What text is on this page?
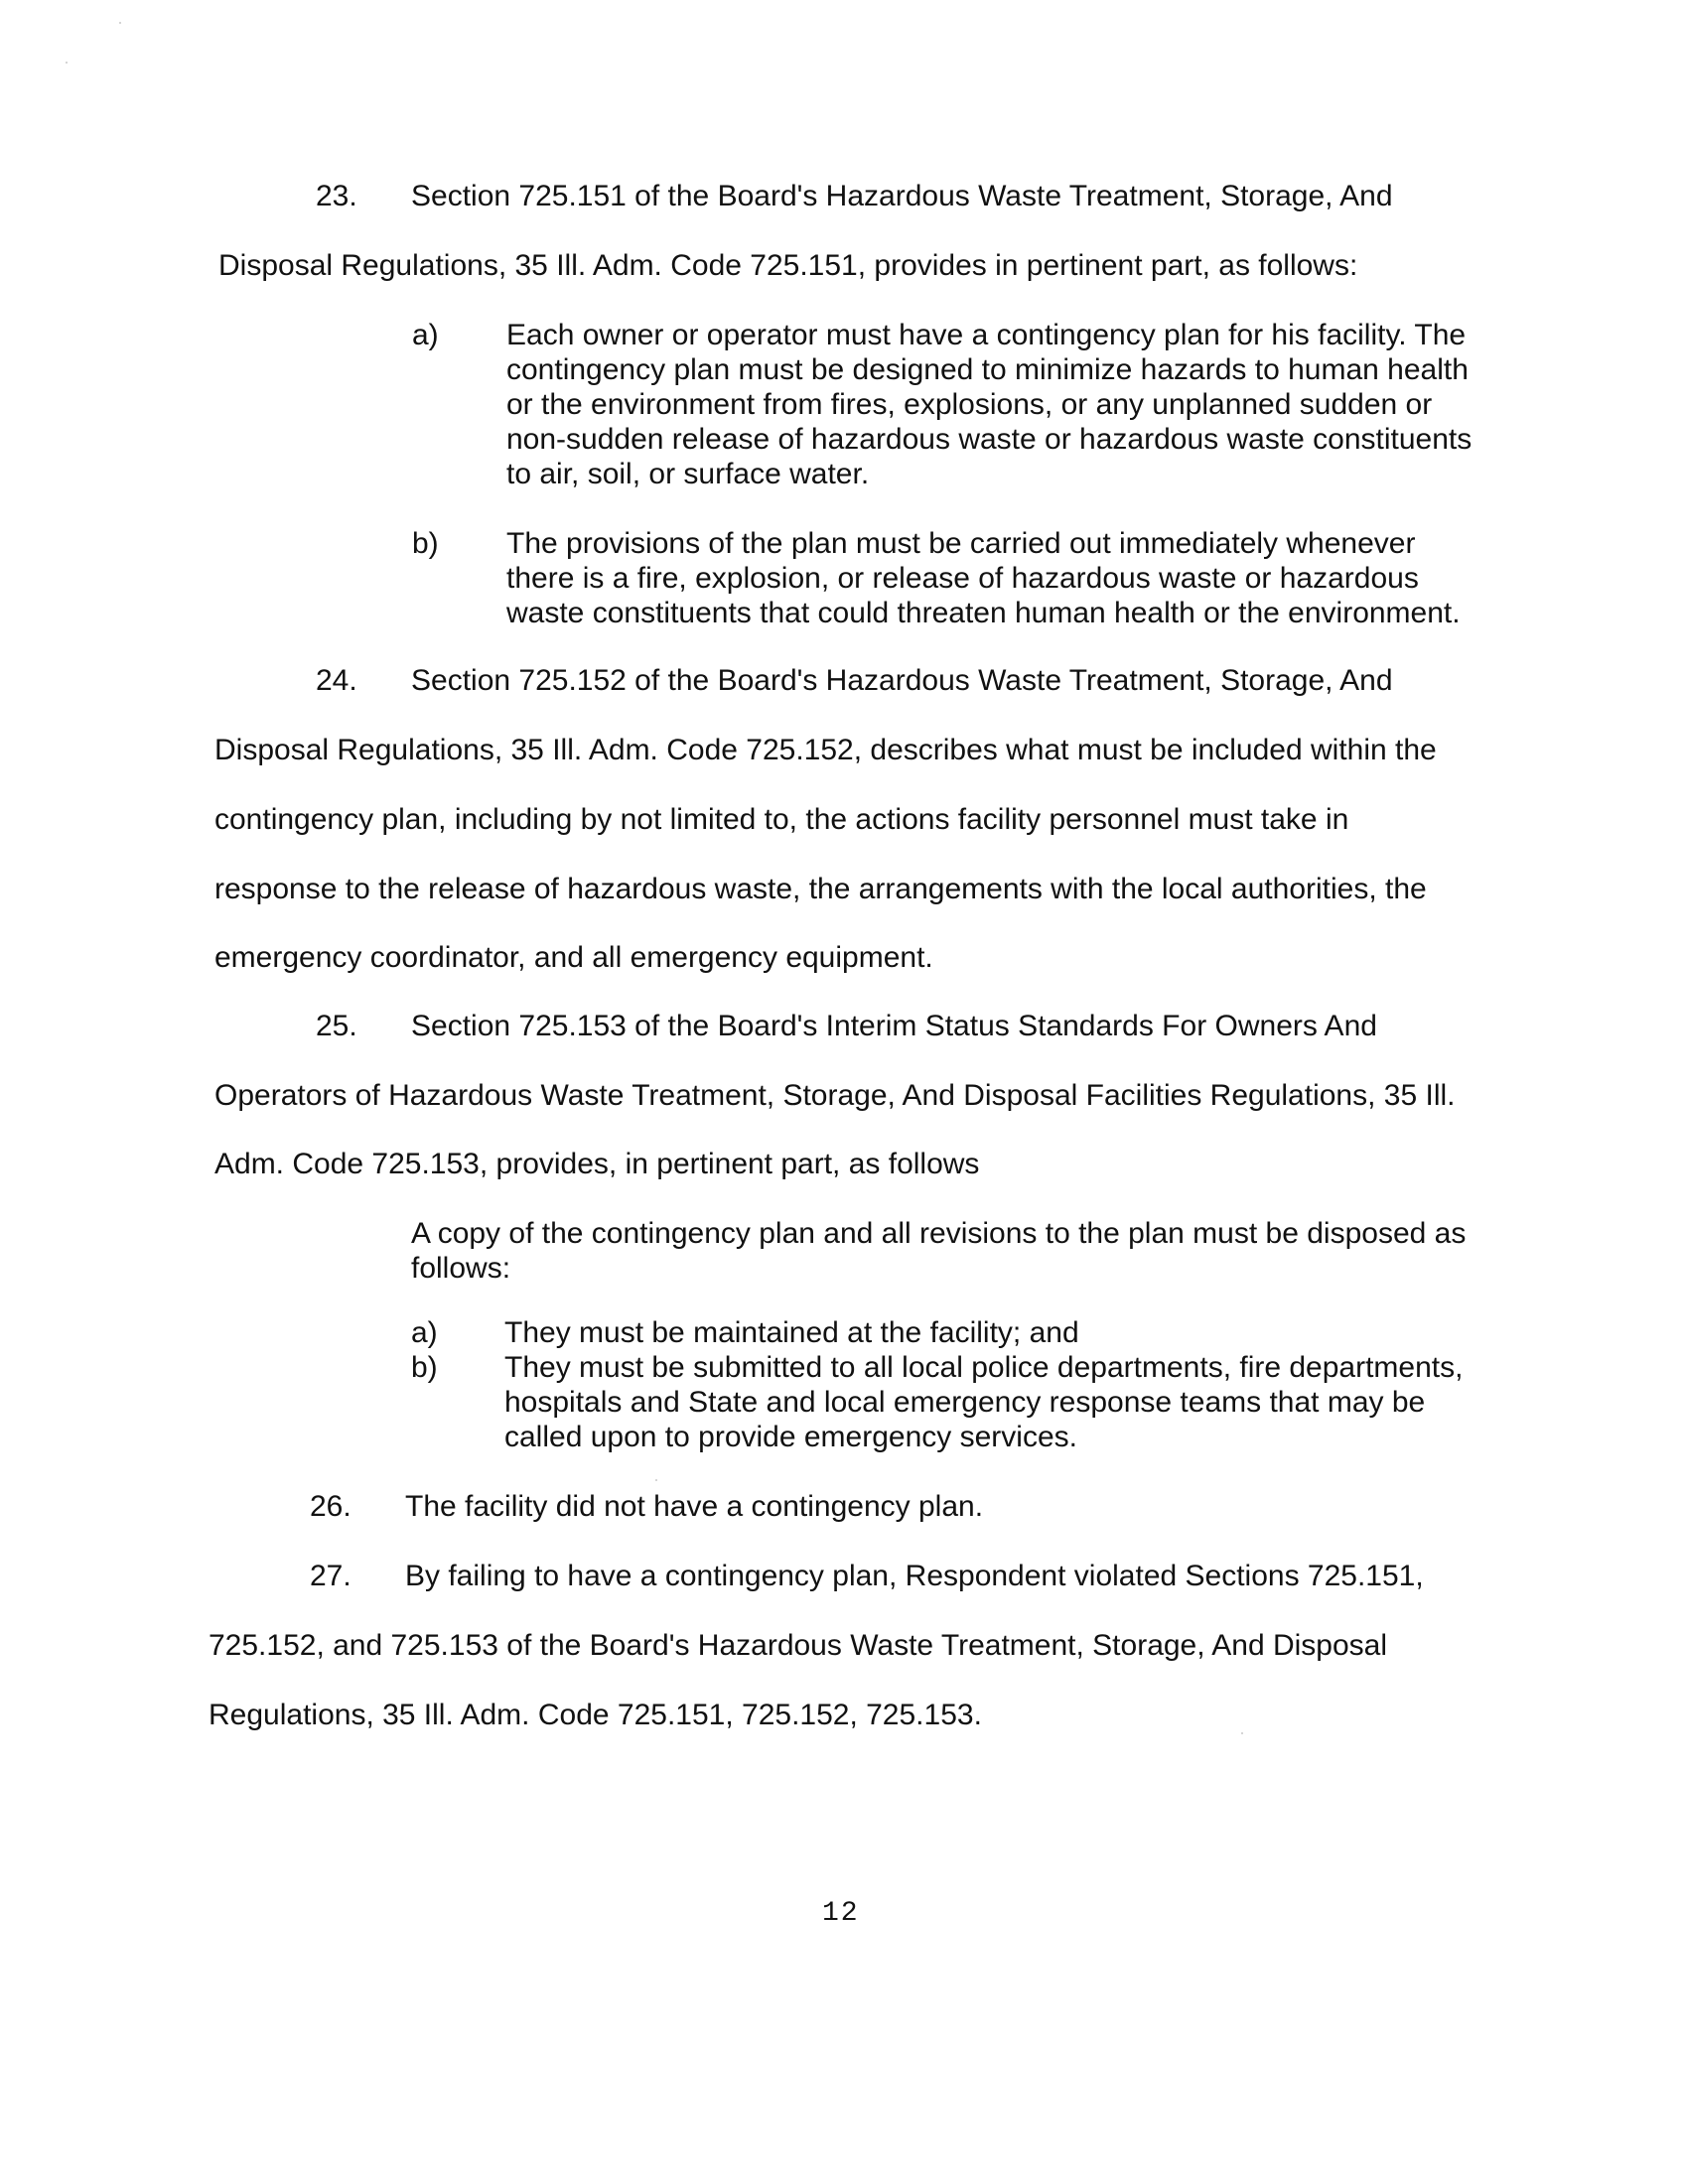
23. Section 725.151 of the Board's Hazardous Waste Treatment, Storage, And
Disposal Regulations, 35 Ill. Adm. Code 725.151, provides in pertinent part, as follows:
a) Each owner or operator must have a contingency plan for his facility. The contingency plan must be designed to minimize hazards to human health or the environment from fires, explosions, or any unplanned sudden or non-sudden release of hazardous waste or hazardous waste constituents to air, soil, or surface water.
b) The provisions of the plan must be carried out immediately whenever there is a fire, explosion, or release of hazardous waste or hazardous waste constituents that could threaten human health or the environment.
24. Section 725.152 of the Board's Hazardous Waste Treatment, Storage, And
Disposal Regulations, 35 Ill. Adm. Code 725.152, describes what must be included within the
contingency plan, including by not limited to, the actions facility personnel must take in
response to the release of hazardous waste, the arrangements with the local authorities, the
emergency coordinator, and all emergency equipment.
25. Section 725.153 of the Board's Interim Status Standards For Owners And
Operators of Hazardous Waste Treatment, Storage, And Disposal Facilities Regulations, 35 Ill.
Adm. Code 725.153, provides, in pertinent part, as follows
A copy of the contingency plan and all revisions to the plan must be disposed as follows:
a) They must be maintained at the facility; and
b) They must be submitted to all local police departments, fire departments, hospitals and State and local emergency response teams that may be called upon to provide emergency services.
26. The facility did not have a contingency plan.
27. By failing to have a contingency plan, Respondent violated Sections 725.151,
725.152, and 725.153 of the Board's Hazardous Waste Treatment, Storage, And Disposal
Regulations, 35 Ill. Adm. Code 725.151, 725.152, 725.153.
12
